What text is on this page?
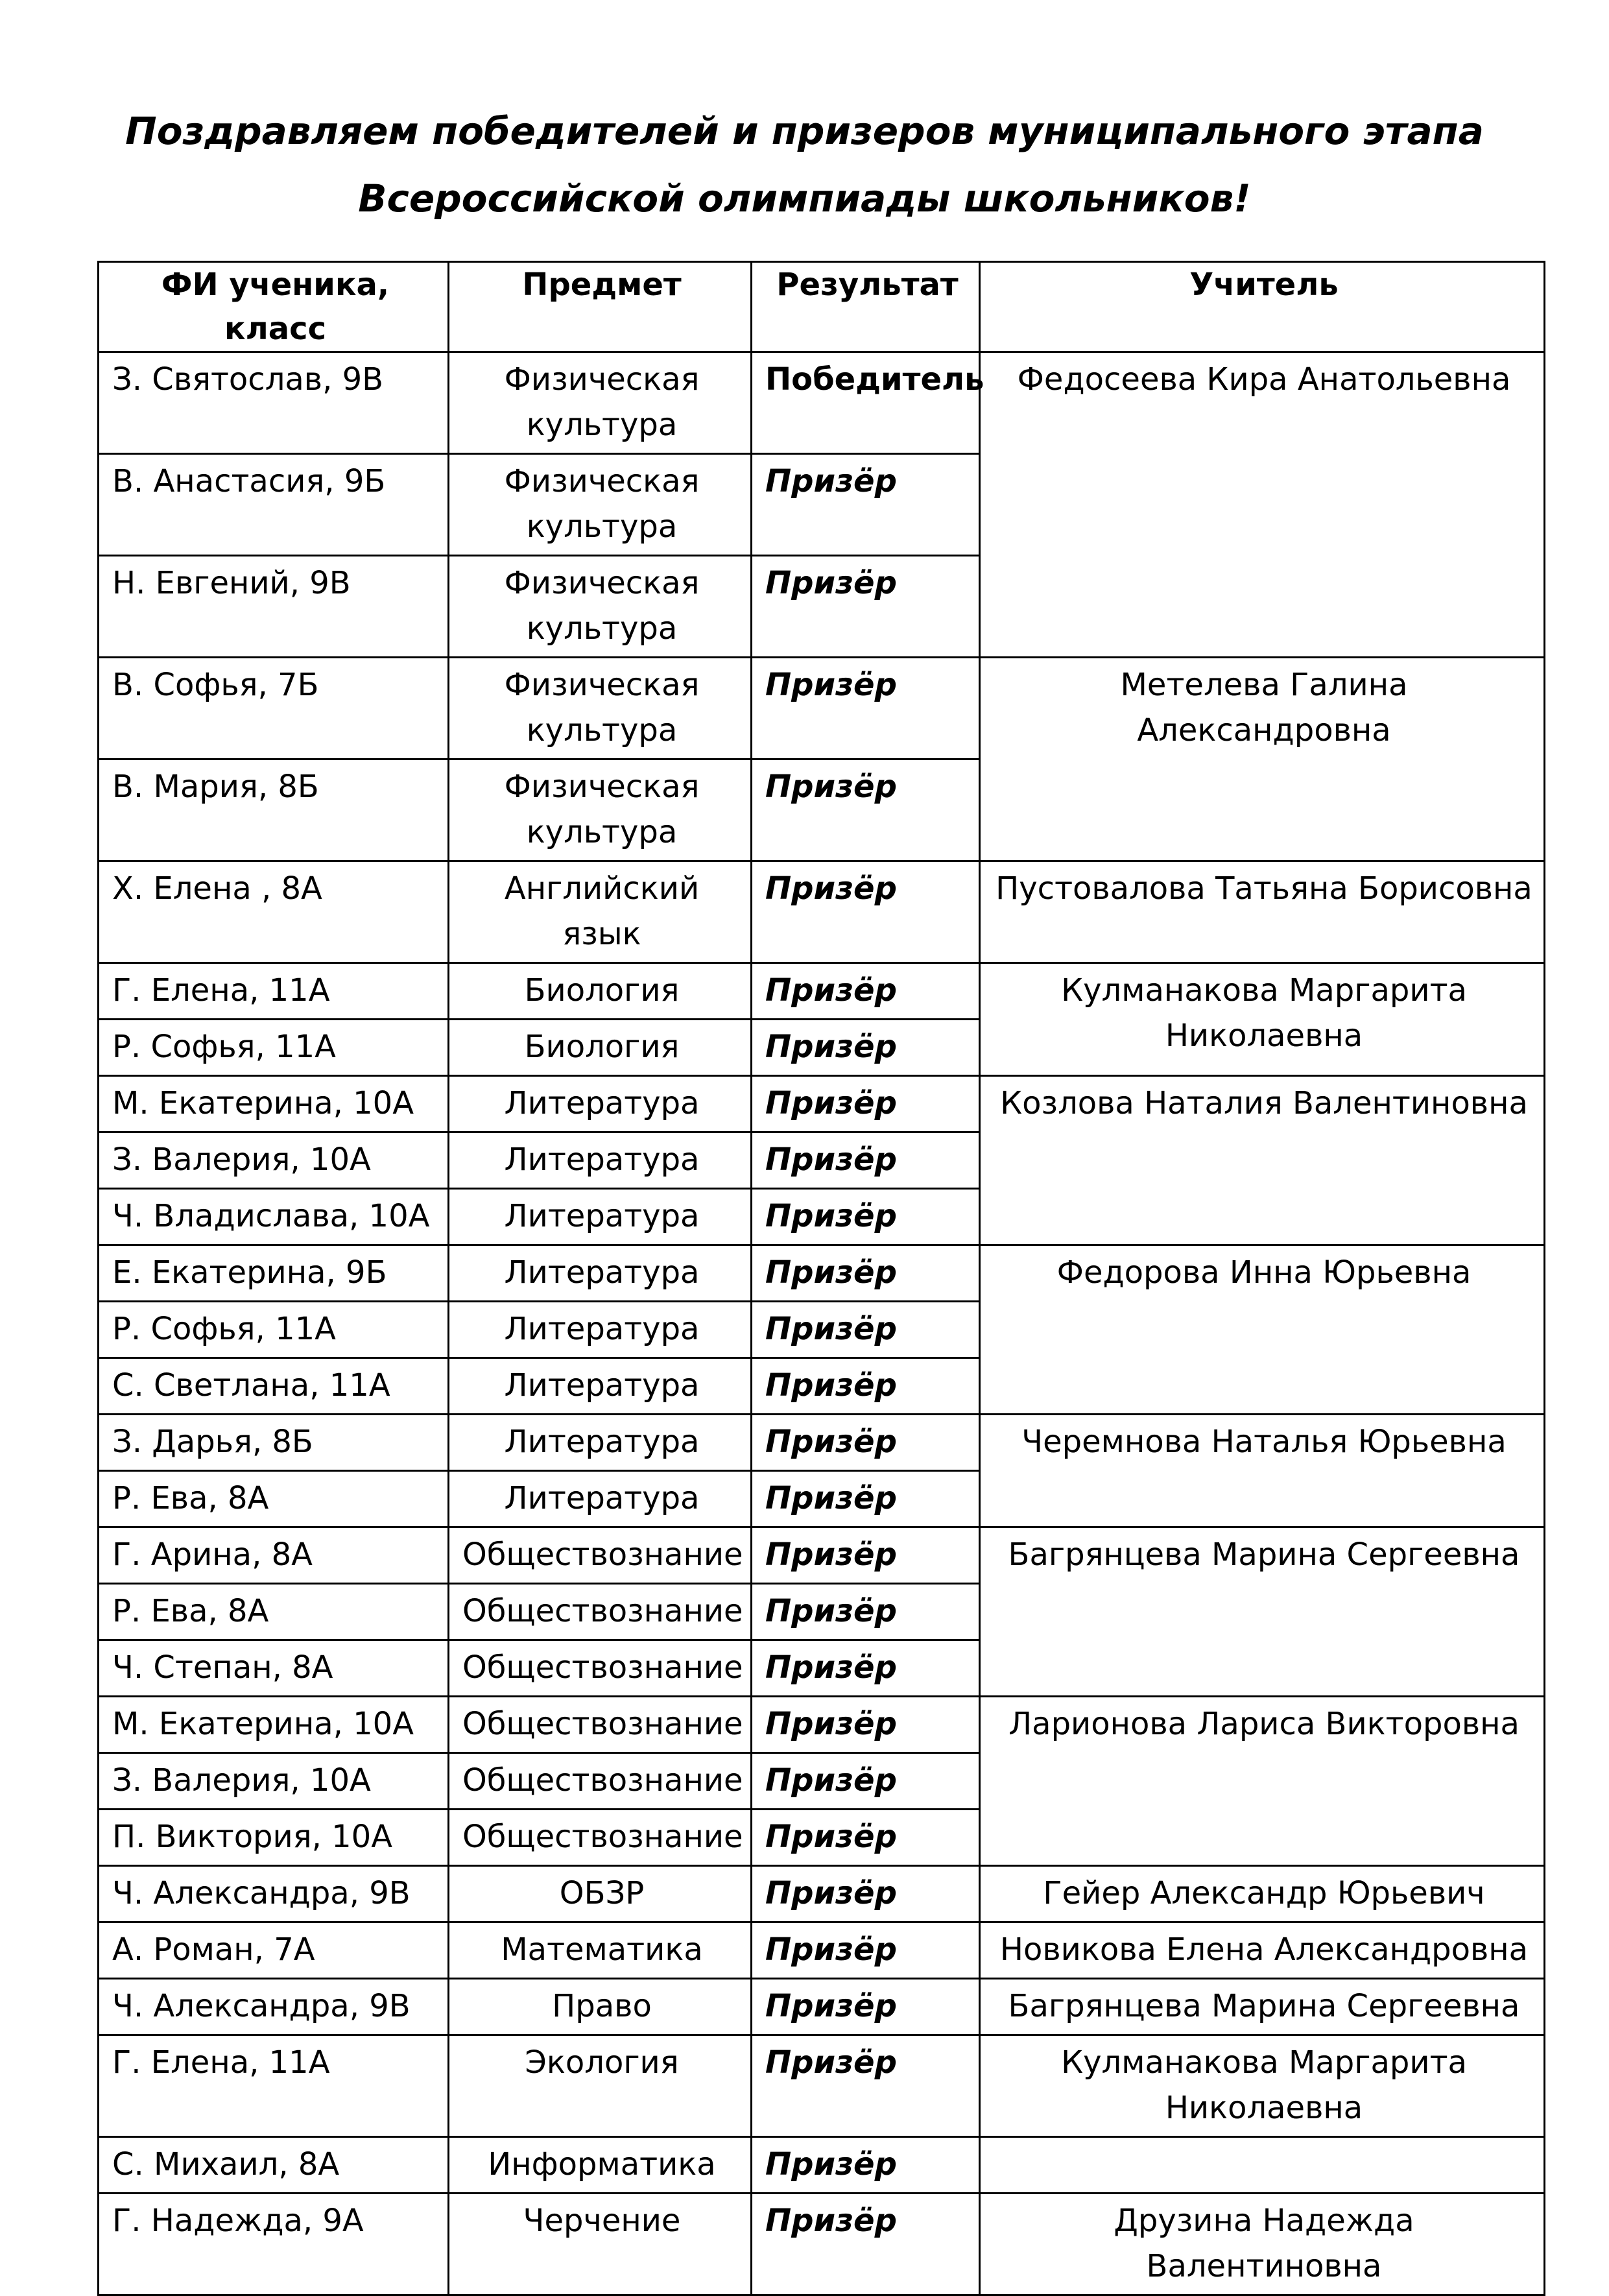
Поздравляем победителей и призеров муниципального этапа
Всероссийской олимпиады школьников!
ФИ ученика, класс	Предмет	Результат	Учитель
З. Святослав, 9В	Физическая культура	Победитель	Федосеева Кира Анатольевна
В. Анастасия, 9Б	Физическая культура	Призёр	
Н. Евгений, 9В	Физическая культура	Призёр	
В. Софья, 7Б	Физическая культура	Призёр	Метелева Галина Александровна
В. Мария, 8Б	Физическая культура	Призёр	
Х. Елена , 8А	Английский язык	Призёр	Пустовалова Татьяна Борисовна
Г. Елена, 11А	Биология	Призёр	Кулманакова Маргарита Николаевна
Р. Софья, 11А	Биология	Призёр	
М. Екатерина, 10А	Литература	Призёр	Козлова Наталия Валентиновна
З. Валерия, 10А	Литература	Призёр	
Ч. Владислава, 10А	Литература	Призёр	
Е. Екатерина, 9Б	Литература	Призёр	Федорова Инна Юрьевна
Р. Софья, 11А	Литература	Призёр	
С. Светлана, 11А	Литература	Призёр	
З. Дарья, 8Б	Литература	Призёр	Черемнова Наталья Юрьевна
Р. Ева, 8А	Литература	Призёр	
Г. Арина, 8А	Обществознание	Призёр	Багрянцева Марина Сергеевна
Р. Ева, 8А	Обществознание	Призёр	
Ч. Степан, 8А	Обществознание	Призёр	
М. Екатерина, 10А	Обществознание	Призёр	Ларионова Лариса Викторовна
З. Валерия, 10А	Обществознание	Призёр	
П. Виктория, 10А	Обществознание	Призёр	
Ч. Александра, 9В	ОБЗР	Призёр	Гейер Александр Юрьевич
А. Роман, 7А	Математика	Призёр	Новикова Елена Александровна
Ч. Александра, 9В	Право	Призёр	Багрянцева Марина Сергеевна
Г. Елена, 11А	Экология	Призёр	Кулманакова Маргарита Николаевна
С. Михаил, 8А	Информатика	Призёр	
Г. Надежда, 9А	Черчение	Призёр	Друзина Надежда Валентиновна
